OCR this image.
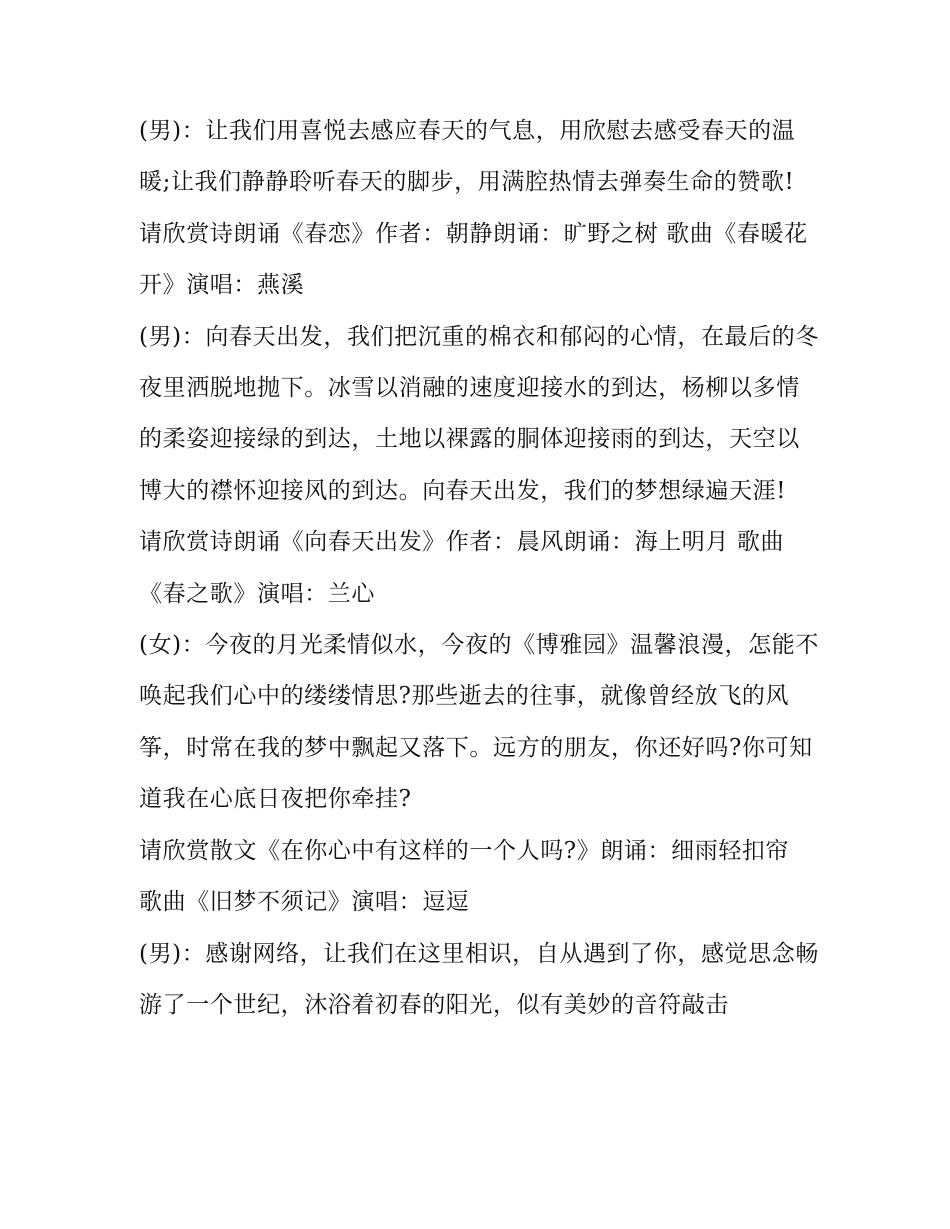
(男)：让我们用喜悦去感应春天的气息，用欣慰去感受春天的温暖;让我们静静聆听春天的脚步，用满腔热情去弹奏生命的赞歌!

请欣赏诗朗诵《春恋》作者：朝静朗诵：旷野之树 歌曲《春暖花开》演唱：燕溪

(男)：向春天出发，我们把沉重的棉衣和郁闷的心情，在最后的冬夜里洒脱地抛下。冰雪以消融的速度迎接水的到达，杨柳以多情的柔姿迎接绿的到达，土地以裸露的胴体迎接雨的到达，天空以博大的襟怀迎接风的到达。向春天出发，我们的梦想绿遍天涯!

请欣赏诗朗诵《向春天出发》作者：晨风朗诵：海上明月 歌曲《春之歌》演唱：兰心

(女)：今夜的月光柔情似水，今夜的《博雅园》温馨浪漫，怎能不唤起我们心中的缕缕情思?那些逝去的往事，就像曾经放飞的风筝，时常在我的梦中飘起又落下。远方的朋友，你还好吗?你可知道我在心底日夜把你牵挂?

请欣赏散文《在你心中有这样的一个人吗?》朗诵：细雨轻扣帘 歌曲《旧梦不须记》演唱：逗逗

(男)：感谢网络，让我们在这里相识，自从遇到了你，感觉思念畅游了一个世纪，沐浴着初春的阳光，似有美妙的音符敲击
